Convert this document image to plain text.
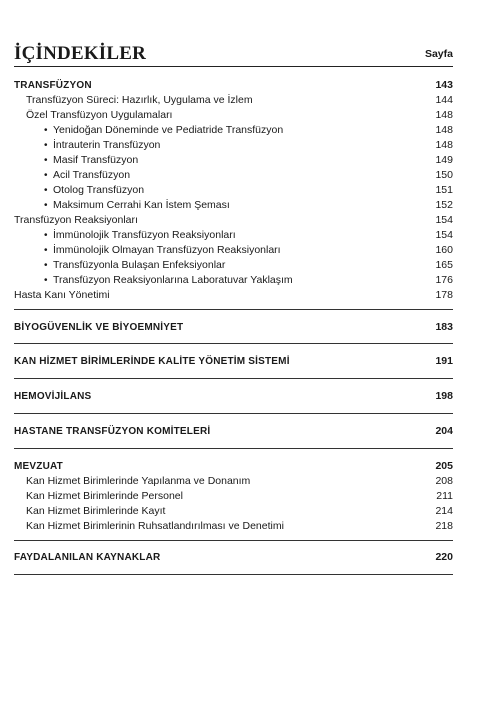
İÇİNDEKİLER	Sayfa
TRANSFÜZYON	143
Transfüzyon Süreci: Hazırlık, Uygulama ve İzlem	144
Özel Transfüzyon Uygulamaları	148
• Yenidoğan Döneminde ve Pediatride Transfüzyon	148
• İntrauterin Transfüzyon	148
• Masif Transfüzyon	149
• Acil Transfüzyon	150
• Otolog Transfüzyon	151
• Maksimum Cerrahi Kan İstem Şeması	152
Transfüzyon Reaksiyonları	154
• İmmünolojik Transfüzyon Reaksiyonları	154
• İmmünolojik Olmayan Transfüzyon Reaksiyonları	160
• Transfüzyonla Bulaşan Enfeksiyonlar	165
• Transfüzyon Reaksiyonlarına Laboratuvar Yaklaşım	176
Hasta Kanı Yönetimi	178
BİYOGÜVENLİK VE BİYOEMNİYET	183
KAN HİZMET BİRİMLERİNDE KALİTE YÖNETİM SİSTEMİ	191
HEMOVİJİLANS	198
HASTANE TRANSFÜZYON KOMİTELERİ	204
MEVZUAT	205
Kan Hizmet Birimlerinde Yapılanma ve Donanım	208
Kan Hizmet Birimlerinde Personel	211
Kan Hizmet Birimlerinde Kayıt	214
Kan Hizmet Birimlerinin Ruhsatlandırılması ve Denetimi	218
FAYDALANILAN KAYNAKLAR	220
